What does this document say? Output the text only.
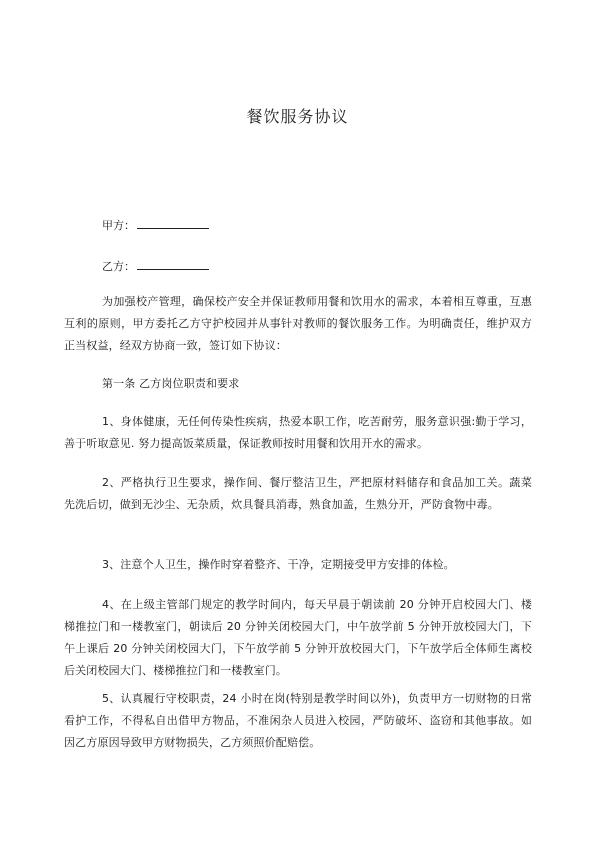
餐饮服务协议
甲方：
乙方：
为加强校产管理，确保校产安全并保证教师用餐和饮用水的需求，本着相互尊重，互惠互利的原则，甲方委托乙方守护校园并从事针对教师的餐饮服务工作。为明确责任，维护双方正当权益，经双方协商一致，签订如下协议：
第一条 乙方岗位职责和要求
1、身体健康，无任何传染性疾病，热爱本职工作，吃苦耐劳，服务意识强:勤于学习，善于听取意见. 努力提高饭菜质量，保证教师按时用餐和饮用开水的需求。
2、严格执行卫生要求，操作间、餐厅整洁卫生，严把原材料储存和食品加工关。蔬菜先洗后切，做到无沙尘、无杂质，炊具餐具消毒，熟食加盖，生熟分开，严防食物中毒。
3、注意个人卫生，操作时穿着整齐、干净，定期接受甲方安排的体检。
4、在上级主管部门规定的教学时间内，每天早晨于朝读前 20 分钟开启校园大门、楼梯推拉门和一楼教室门，朝读后 20 分钟关闭校园大门，中午放学前 5 分钟开放校园大门，下午上课后 20 分钟关闭校园大门，下午放学前 5 分钟开放校园大门，下午放学后全体师生离校后关闭校园大门、楼梯推拉门和一楼教室门。
5、认真履行守校职责，24 小时在岗(特别是教学时间以外)，负责甲方一切财物的日常看护工作，不得私自出借甲方物品，不准闲杂人员进入校园，严防破坏、盗窃和其他事故。如因乙方原因导致甲方财物损失，乙方须照价配赔偿。
